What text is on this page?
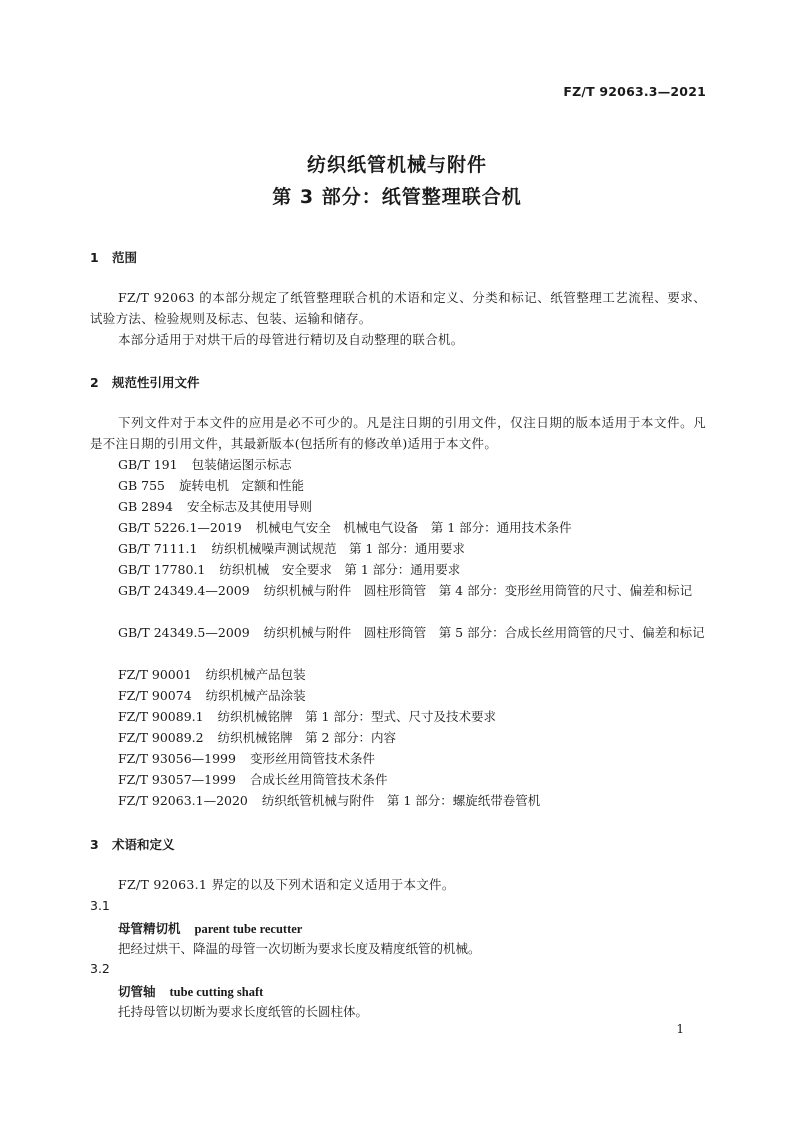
FZ/T 92063.3—2021
纺织纸管机械与附件
第 3 部分：纸管整理联合机
1 范围
FZ/T 92063 的本部分规定了纸管整理联合机的术语和定义、分类和标记、纸管整理工艺流程、要求、试验方法、检验规则及标志、包装、运输和储存。
本部分适用于对烘干后的母管进行精切及自动整理的联合机。
2 规范性引用文件
下列文件对于本文件的应用是必不可少的。凡是注日期的引用文件，仅注日期的版本适用于本文件。凡是不注日期的引用文件，其最新版本(包括所有的修改单)适用于本文件。
GB/T 191 包装储运图示标志
GB 755 旋转电机　定额和性能
GB 2894 安全标志及其使用导则
GB/T 5226.1—2019 机械电气安全　机械电气设备　第 1 部分：通用技术条件
GB/T 7111.1 纺织机械噪声测试规范　第 1 部分：通用要求
GB/T 17780.1 纺织机械　安全要求　第 1 部分：通用要求
GB/T 24349.4—2009 纺织机械与附件　圆柱形筒管　第 4 部分：变形丝用筒管的尺寸、偏差和标记
GB/T 24349.5—2009 纺织机械与附件　圆柱形筒管　第 5 部分：合成长丝用筒管的尺寸、偏差和标记
FZ/T 90001 纺织机械产品包装
FZ/T 90074 纺织机械产品涂装
FZ/T 90089.1 纺织机械铭牌　第 1 部分：型式、尺寸及技术要求
FZ/T 90089.2 纺织机械铭牌　第 2 部分：内容
FZ/T 93056—1999 变形丝用筒管技术条件
FZ/T 93057—1999 合成长丝用筒管技术条件
FZ/T 92063.1—2020 纺织纸管机械与附件　第 1 部分：螺旋纸带卷管机
3 术语和定义
FZ/T 92063.1 界定的以及下列术语和定义适用于本文件。
3.1
母管精切机 parent tube recutter
把经过烘干、降温的母管一次切断为要求长度及精度纸管的机械。
3.2
切管轴 tube cutting shaft
托持母管以切断为要求长度纸管的长圆柱体。
1
